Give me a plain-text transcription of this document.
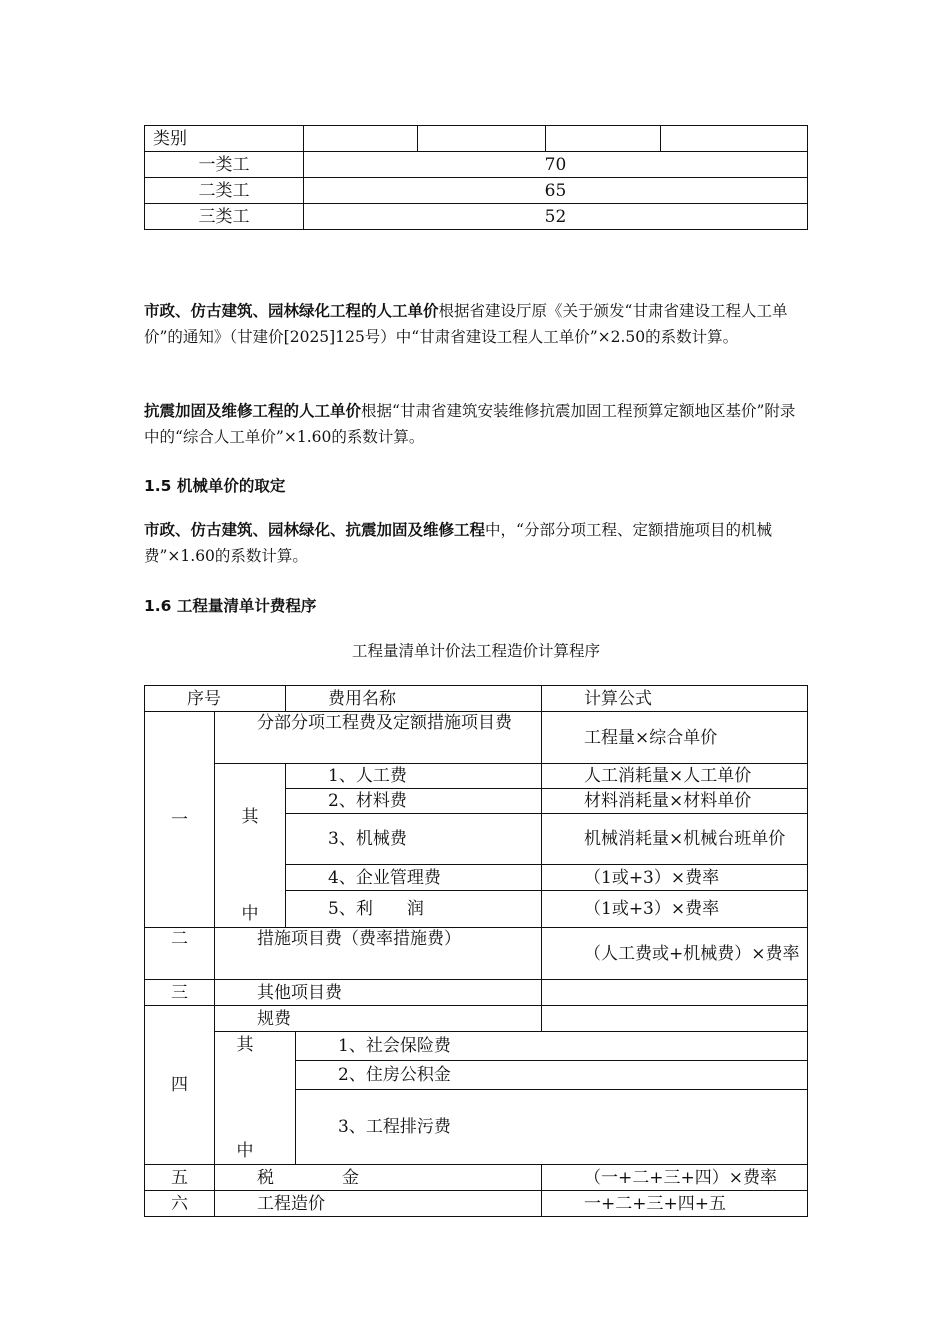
类别				
一类工	70			
二类工	65			
三类工	52			

市政、仿古建筑、园林绿化工程的人工单价根据省建设厅原《关于颁发“甘肃省建设工程人工单价”的通知》（甘建价[2025]125号）中“甘肃省建设工程人工单价”×2.50的系数计算。

抗震加固及维修工程的人工单价根据“甘肃省建筑安装维修抗震加固工程预算定额地区基价”附录中的“综合人工单价”×1.60的系数计算。

1.5 机械单价的取定

市政、仿古建筑、园林绿化、抗震加固及维修工程中，“分部分项工程、定额措施项目的机械费”×1.60的系数计算。

1.6 工程量清单计费程序

工程量清单计价法工程造价计算程序

序号		费用名称		计算公式	
一	分部分项工程费及定额措施项目费			工程量×综合单价	

	其
中	1、人工费		人工消耗量×人工单价	
		2、材料费		材料消耗量×材料单价	
		3、机械费		机械消耗量×机械台班单价	
		4、企业管理费		（1或+3）×费率	
		5、利　　润		（1或+3）×费率	
二	措施项目费（费率措施费）			（人工费或+机械费）×费率	
三	其他项目费				
四	规费				

	其
中		1、社会保险费	
			2、住房公积金		
			3、工程排污费		
五	税　　　　金			（一+二+三+四）×费率	
六	工程造价			一+二+三+四+五	
